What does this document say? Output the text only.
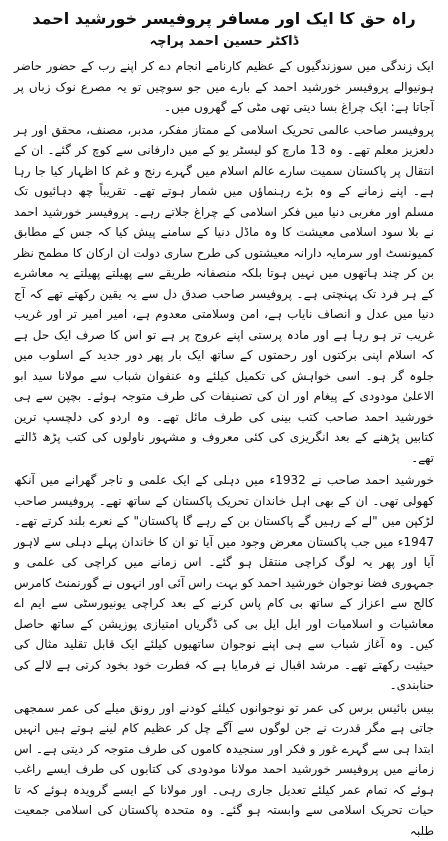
راہ حق کا ایک اور مسافر پروفیسر خورشید احمد
ڈاکٹر حسین احمد پراچہ

ایک زندگی میں سوزندگیوں کے عظیم کارنامے انجام دے کر اپنے رب کے حضور حاضر ہونیوالے پروفیسر خورشید احمد کے بارے میں جو سوچیں تو یہ مصرع نوک زباں پر آجاتا ہے: ایک چراغ بسا دیتی تھی مٹی کے گھروں میں۔

پروفیسر صاحب عالمی تحریک اسلامی کے ممتاز مفکر، مدبر، مصنف، محقق اور ہر دلعزیز معلم تھے۔ وہ 13 مارچ کو لیسٹر یو کے میں دارفانی سے کوچ کر گئے۔ ان کے انتقال پر پاکستان سمیت سارے عالم اسلام میں گہرے رنج و غم کا اظہار کیا جا رہا ہے۔ اپنے زمانے کے وہ بڑے رہنماؤں میں شمار ہوتے تھے۔ تقریباً چھ دہائیوں تک مسلم اور مغربی دنیا میں فکر اسلامی کے چراغ جلاتے رہے۔ پروفیسر خورشید احمد نے بلا سود اسلامی معیشت کا وہ ماڈل دنیا کے سامنے پیش کیا کہ جس کے مطابق کمیونسٹ اور سرمایہ دارانہ معیشتوں کی طرح ساری دولت ان ارکان کا مطمح نظر بن کر چند ہاتھوں میں نہیں ہوتا بلکہ منصفانہ طریقے سے پھیلتے پھیلتے یہ معاشرے کے ہر فرد تک پہنچتی ہے۔ پروفیسر صاحب صدق دل سے یہ یقین رکھتے تھے کہ آج دنیا میں عدل و انصاف نایاب ہے، امن وسلامتی معدوم ہے، امیر امیر تر اور غریب غریب تر ہو رہا ہے اور مادہ پرستی اپنے عروج پر ہے تو اس کا صرف ایک حل ہے کہ اسلام اپنی برکتوں اور رحمتوں کے ساتھ ایک بار پھر دور جدید کے اسلوب میں جلوہ گر ہو۔ اسی خواہش کی تکمیل کیلئے وہ عنفوان شباب سے مولانا سید ابو الاعلیٰ مودودی کے پیغام اور ان کی تصنیفات کی طرف متوجہ ہوئے۔ بچپن سے ہی خورشید احمد صاحب کتب بینی کی طرف مائل تھے۔ وہ اردو کی دلچسپ ترین کتابیں پڑھنے کے بعد انگریزی کی کئی معروف و مشہور ناولوں کی کتب پڑھ ڈالتے تھے۔

خورشید احمد صاحب نے 1932ء میں دہلی کے ایک علمی و تاجر گھرانے میں آنکھ کھولی تھی۔ ان کے بھی اہل خاندان تحریک پاکستان کے ساتھ تھے۔ پروفیسر صاحب لڑکپن میں "لے کے رہیں گے پاکستان بن کے رہے گا پاکستان" کے نعرے بلند کرتے تھے۔ 1947ء میں جب پاکستان معرض وجود میں آیا تو ان کا خاندان پہلے دہلی سے لاہور آیا اور پھر یہ لوگ کراچی منتقل ہو گئے۔ اس زمانے میں کراچی کی علمی و جمہوری فضا نوجوان خورشید احمد کو بہت راس آئی اور انہوں نے گورنمنٹ کامرس کالج سے اعزاز کے ساتھ بی کام پاس کرنے کے بعد کراچی یونیورسٹی سے ایم اے معاشیات و اسلامیات اور ایل ایل بی کی ڈگریاں امتیازی پوزیشن کے ساتھ حاصل کیں۔ وہ آغاز شباب سے ہی اپنے نوجوان ساتھیوں کیلئے ایک قابل تقلید مثال کی حیثیت رکھتے تھے۔ مرشد اقبال نے فرمایا ہے کہ فطرت خود بخود کرتی ہے لالے کی حنابندی۔

بیس بائیس برس کی عمر تو نوجوانوں کیلئے کودنے اور رونق میلے کی عمر سمجھی جاتی ہے مگر قدرت نے جن لوگوں سے آگے چل کر عظیم کام لینے ہوتے ہیں انہیں ابتدا ہی سے گہرے غور و فکر اور سنجیدہ کاموں کی طرف متوجہ کر دیتی ہے۔ اس زمانے میں پروفیسر خورشید احمد مولانا مودودی کی کتابوں کی طرف ایسے راغب ہوئے کہ تمام عمر کیلئے تعدیل جاری رہی۔ اور مولانا کے ایسے گرویدہ ہوئے کہ تا حیات تحریک اسلامی سے وابستہ ہو گئے۔ وہ متحدہ پاکستان کی اسلامی جمعیت طلبہ
